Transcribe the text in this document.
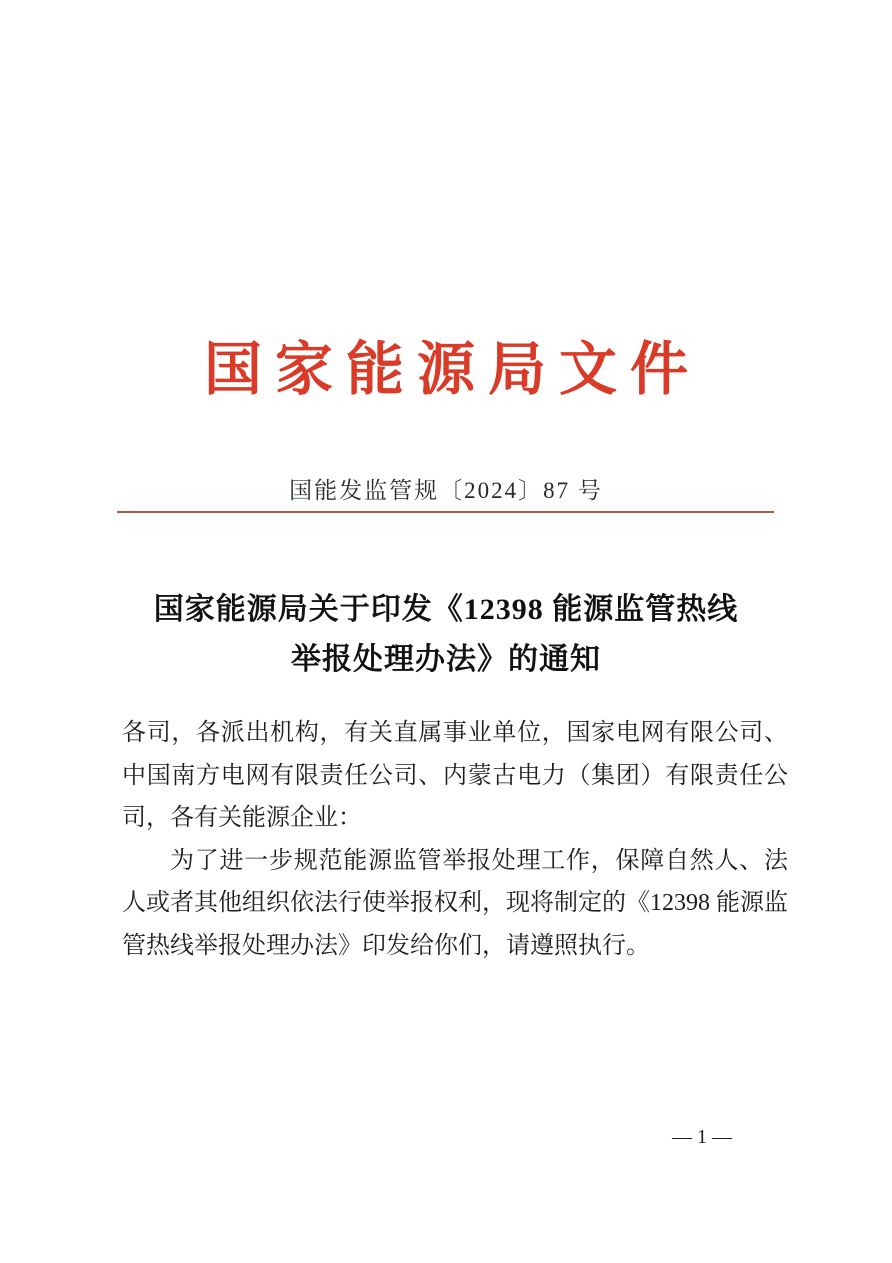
国家能源局文件
国能发监管规〔2024〕87 号
国家能源局关于印发《12398 能源监管热线
举报处理办法》的通知

各司，各派出机构，有关直属事业单位，国家电网有限公司、中国南方电网有限责任公司、内蒙古电力（集团）有限责任公司，各有关能源企业：

为了进一步规范能源监管举报处理工作，保障自然人、法人或者其他组织依法行使举报权利，现将制定的《12398 能源监管热线举报处理办法》印发给你们，请遵照执行。

— 1 —
